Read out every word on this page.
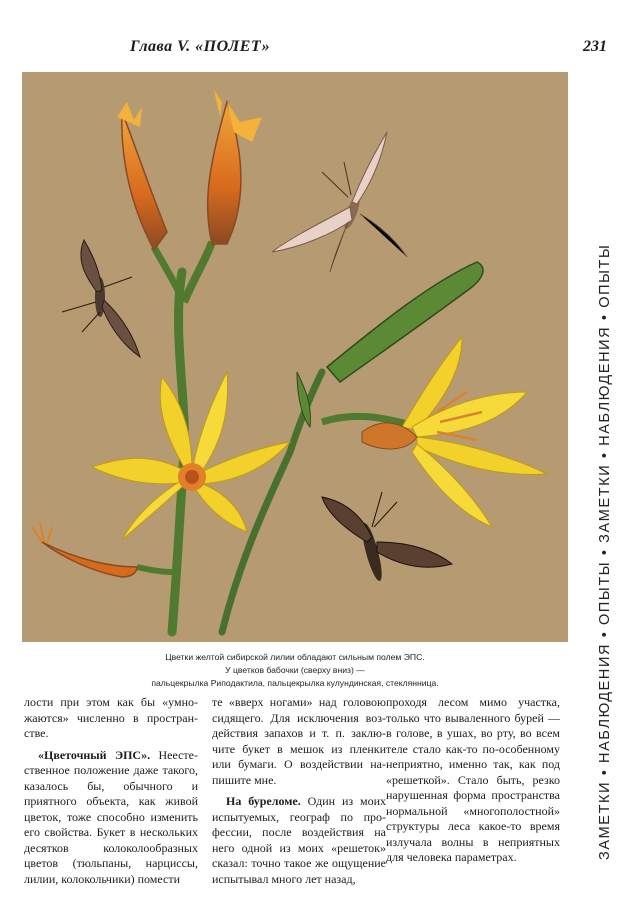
Глава V. «ПОЛЕТ»	231
ЗАМЕТКИ • НАБЛЮДЕНИЯ • ОПЫТЫ • ЗАМЕТКИ • НАБЛЮДЕНИЯ • ОПЫТЫ
Цветки желтой сибирской лилии обладают сильным полем ЭПС.
У цветков бабочки (сверху вниз) —
пальцекрылка Риподактила, пальцекрылка кулундинская, стеклянница.

лости при этом как бы «умножаются» численно в пространстве.

«Цветочный ЭПС». Неестественное положение даже такого, казалось бы, обычного и приятного объекта, как живой цветок, тоже способно изменить его свойства. Букет в нескольких десятков колоколообразных цветов (тюльпаны, нарциссы, лилии, колокольчики) помести

те «вверх ногами» над головою сидящего. Для исключения воздействия запахов и т. п. заключите букет в мешок из пленки или бумаги. О воздействии напишите мне.

На буреломе. Один из моих испытуемых, географ по профессии, после воздействия на него одной из моих «решеток» сказал: точно такое же ощущение испытывал много лет назад,

проходя лесом мимо участка, только что вываленного бурей — в голове, в ушах, во рту, во всем теле стало как-то по-особенному неприятно, именно так, как под «решеткой». Стало быть, резко нарушенная форма пространства нормальной «многополостной» структуры леса какое-то время излучала волны в неприятных для человека параметрах.
